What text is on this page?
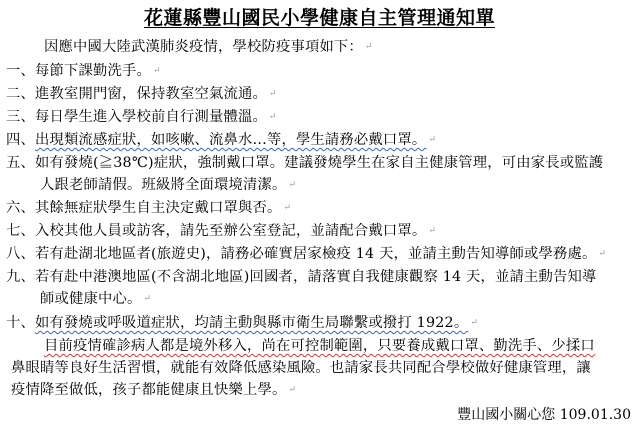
花蓮縣豐山國民小學健康自主管理通知單
因應中國大陸武漢肺炎疫情，學校防疫事項如下： ↵
一、每節下課勤洗手。 ↵
二、進教室開門窗，保持教室空氣流通。 ↵
三、每日學生進入學校前自行測量體溫。 ↵
四、出現類流感症狀，如咳嗽、流鼻水…等，學生請務必戴口罩。 ↵
五、如有發燒(≧38℃)症狀，強制戴口罩。建議發燒學生在家自主健康管理，可由家長或監護
人跟老師請假。班級將全面環境清潔。 ↵
六、其餘無症狀學生自主決定戴口罩與否。 ↵
七、入校其他人員或訪客，請先至辦公室登記，並請配合戴口罩。 ↵
八、若有赴湖北地區者(旅遊史)，請務必確實居家檢疫 14 天，並請主動告知導師或學務處。 ↵
九、若有赴中港澳地區(不含湖北地區)回國者，請落實自我健康觀察 14 天，並請主動告知導
師或健康中心。 ↵
十、如有發燒或呼吸道症狀，均請主動與縣市衛生局聯繫或撥打 1922。 ↵
目前疫情確診病人都是境外移入，尚在可控制範圍，只要養成戴口罩、勤洗手、少揉口
鼻眼睛等良好生活習慣，就能有效降低感染風險。也請家長共同配合學校做好健康管理，讓
疫情降至做低，孩子都能健康且快樂上學。 ↵
豐山國小關心您 109.01.30
